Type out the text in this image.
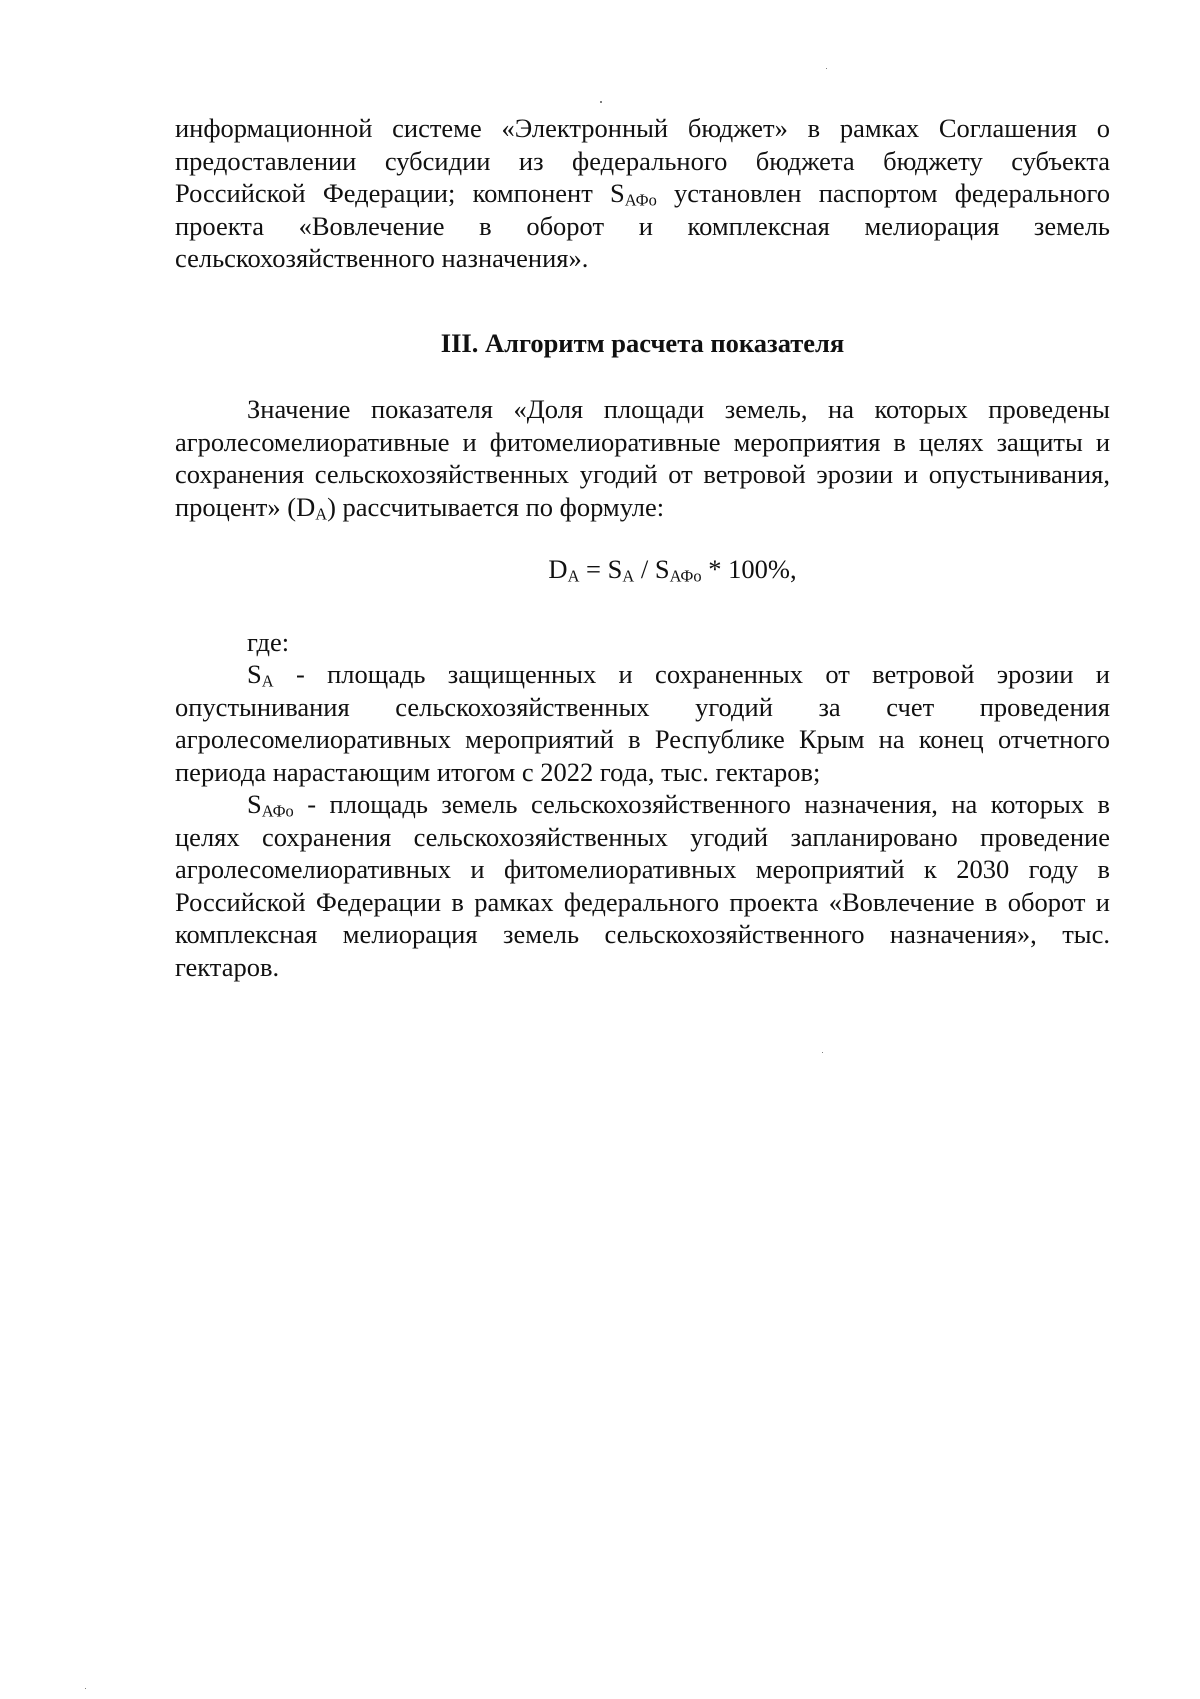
информационной системе «Электронный бюджет» в рамках Соглашения о предоставлении субсидии из федерального бюджета бюджету субъекта Российской Федерации; компонент $S_{АФо}$ установлен паспортом федерального проекта «Вовлечение в оборот и комплексная мелиорация земель сельскохозяйственного назначения».

III. Алгоритм расчета показателя

Значение показателя «Доля площади земель, на которых проведены агролесомелиоративные и фитомелиоративные мероприятия в целях защиты и сохранения сельскохозяйственных угодий от ветровой эрозии и опустынивания, процент» $(D_A)$ рассчитывается по формуле:

$D_A = S_A / S_{АФо} * 100\%$,

где:

$S_A$ - площадь защищенных и сохраненных от ветровой эрозии и опустынивания сельскохозяйственных угодий за счет проведения агролесомелиоративных мероприятий в Республике Крым на конец отчетного периода нарастающим итогом с 2022 года, тыс. гектаров;

$S_{АФо}$ - площадь земель сельскохозяйственного назначения, на которых в целях сохранения сельскохозяйственных угодий запланировано проведение агролесомелиоративных и фитомелиоративных мероприятий к 2030 году в Российской Федерации в рамках федерального проекта «Вовлечение в оборот и комплексная мелиорация земель сельскохозяйственного назначения», тыс. гектаров.
